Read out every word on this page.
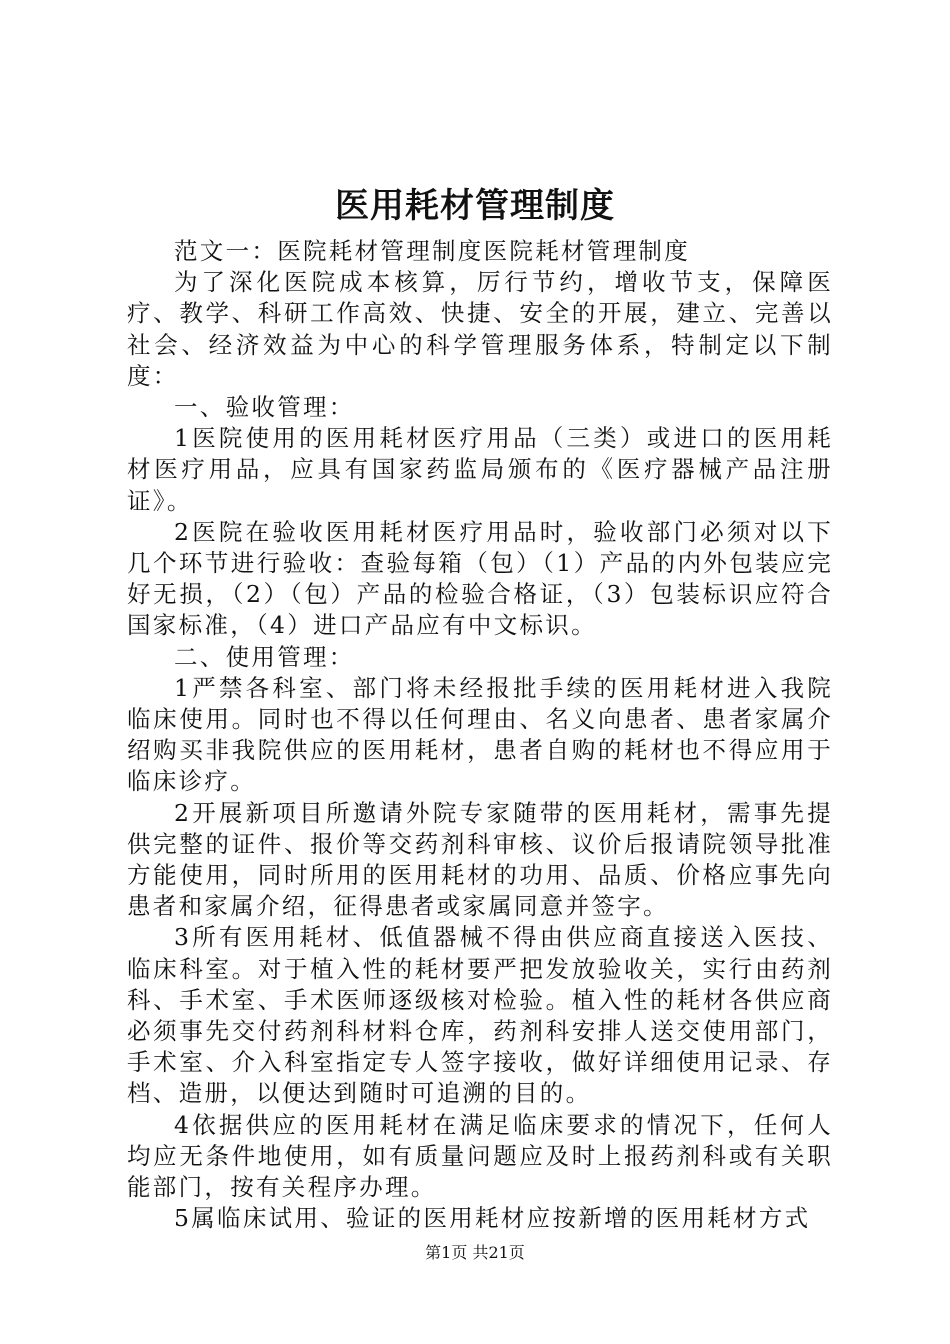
医用耗材管理制度

范文一：医院耗材管理制度医院耗材管理制度

为了深化医院成本核算，厉行节约，增收节支，保障医疗、教学、科研工作高效、快捷、安全的开展，建立、完善以社会、经济效益为中心的科学管理服务体系，特制定以下制度：

一、验收管理：

1医院使用的医用耗材医疗用品（三类）或进口的医用耗材医疗用品，应具有国家药监局颁布的《医疗器械产品注册证》。

2医院在验收医用耗材医疗用品时，验收部门必须对以下几个环节进行验收：查验每箱（包）（1）产品的内外包装应完好无损，（2）（包）产品的检验合格证，（3）包装标识应符合国家标准，（4）进口产品应有中文标识。

二、使用管理：

1严禁各科室、部门将未经报批手续的医用耗材进入我院临床使用。同时也不得以任何理由、名义向患者、患者家属介绍购买非我院供应的医用耗材，患者自购的耗材也不得应用于临床诊疗。

2开展新项目所邀请外院专家随带的医用耗材，需事先提供完整的证件、报价等交药剂科审核、议价后报请院领导批准方能使用，同时所用的医用耗材的功用、品质、价格应事先向患者和家属介绍，征得患者或家属同意并签字。

3所有医用耗材、低值器械不得由供应商直接送入医技、临床科室。对于植入性的耗材要严把发放验收关，实行由药剂科、手术室、手术医师逐级核对检验。植入性的耗材各供应商必须事先交付药剂科材料仓库，药剂科安排人送交使用部门，手术室、介入科室指定专人签字接收，做好详细使用记录、存档、造册，以便达到随时可追溯的目的。

4依据供应的医用耗材在满足临床要求的情况下，任何人均应无条件地使用，如有质量问题应及时上报药剂科或有关职能部门，按有关程序办理。

5属临床试用、验证的医用耗材应按新增的医用耗材方式

第1页 共21页
